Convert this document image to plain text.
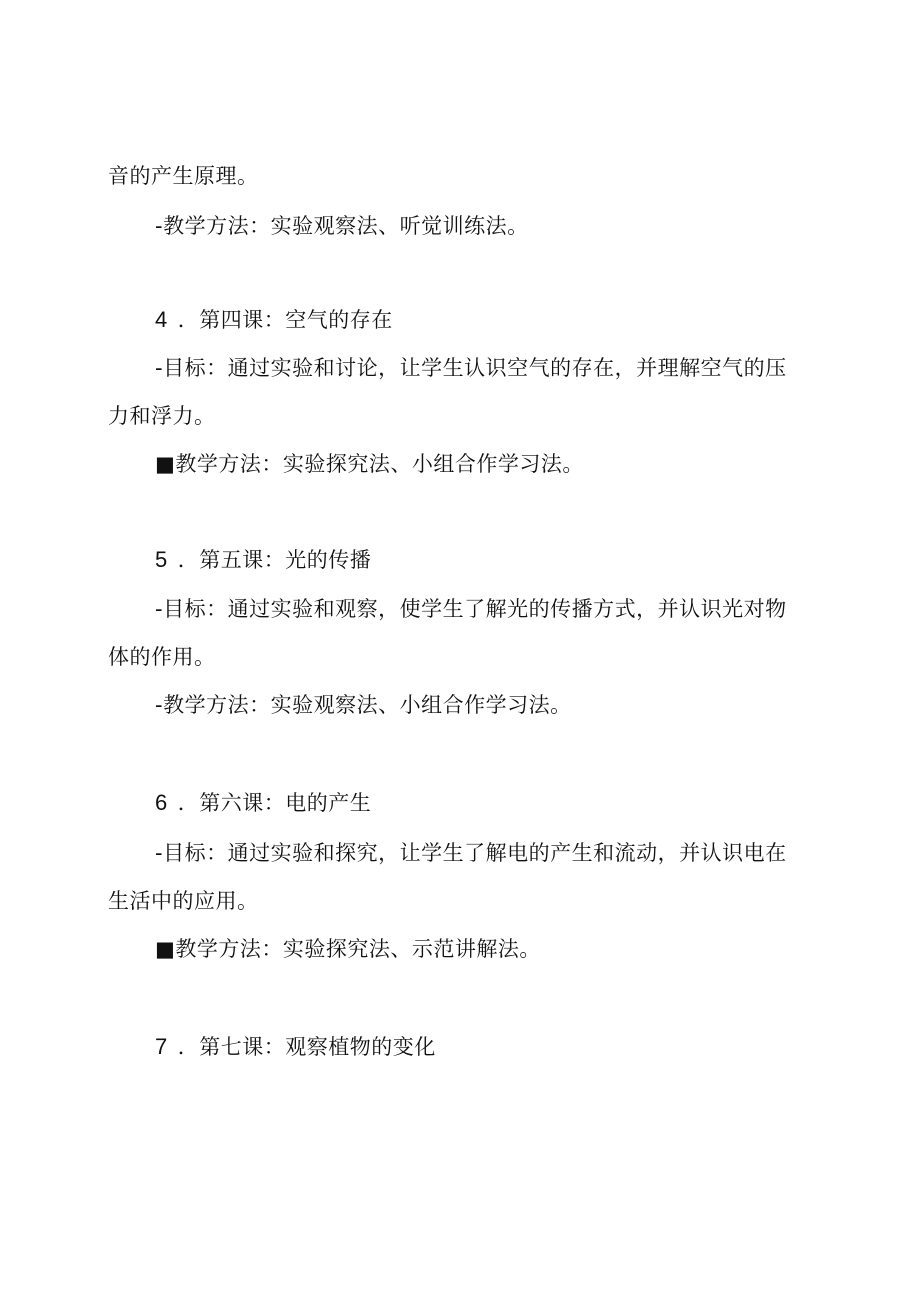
音的产生原理。
-教学方法：实验观察法、听觉训练法。
4 ．第四课：空气的存在
-目标：通过实验和讨论，让学生认识空气的存在，并理解空气的压
力和浮力。
■教学方法：实验探究法、小组合作学习法。
5 ．第五课：光的传播
-目标：通过实验和观察，使学生了解光的传播方式，并认识光对物
体的作用。
-教学方法：实验观察法、小组合作学习法。
6 ．第六课：电的产生
-目标：通过实验和探究，让学生了解电的产生和流动，并认识电在
生活中的应用。
■教学方法：实验探究法、示范讲解法。
7 ．第七课：观察植物的变化
